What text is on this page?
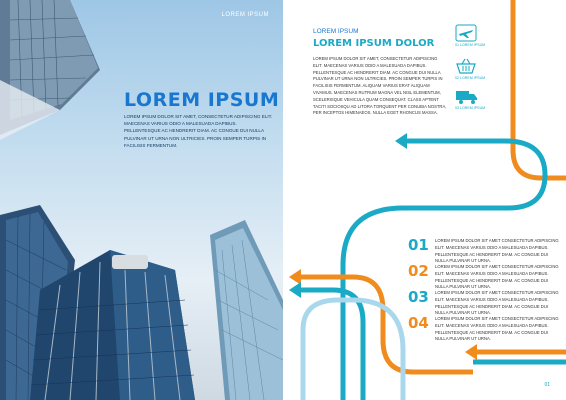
LOREM IPSUM
LOREM IPSUM
LOREM IPSUM DOLOR SIT AMET, CONSECTETUR ADIPISCING ELIT. MAECENAS VARIUS ODIO A MALESUADA DAPIBUS. PELLENTESQUE AC HENDRERIT DIAM. AC CONGUE DUI NULLA PULVINAR UT URNA NON ULTRICIES. PROIN SEMPER TURPIS IN FACILISIS FERMENTUM.
LOREM IPSUM
LOREM IPSUM DOLOR
LOREM IPSUM DOLOR SIT AMET, CONSECTETUR ADIPISCING ELIT. MAECENAS VARIUS ODIO A MALESUADA DAPIBUS. PELLENTESQUE AC HENDRERIT DIAM. AC CONGUE DUI NULLA PULVINAR UT URNA NON ULTRICIES. PROIN SEMPER TURPIS IN FACILISIS FERMENTUM. ALIQUAM VARIUS ERAT ALIQUAM VIVAMUS. MAECENAS RUTRUM MAGNA VEL NISL ELEMENTUM, SCELERISQUE VEHICULA QUAM CONSEQUAT. CLASS APTENT TACITI SOCIOSQU AD LITORA TORQUENT PER CONUBIA NOSTRA, PER INCEPTOS HIMENAEOS. NULLA EGET RHONCUS MASSA.
01 LOREM IPSUM
02 LOREM IPSUM
03 LOREM IPSUM
01 LOREM IPSUM DOLOR SIT AMET CONSECTETUR ADIPISCING ELIT. MAECENAS VARIUS ODIO A MALESUADA DAPIBUS. PELLENTESQUE AC HENDRERIT DIAM. AC CONGUE DUI NULLA PULVINAR UT URNA.
02 LOREM IPSUM DOLOR SIT AMET CONSECTETUR ADIPISCING ELIT. MAECENAS VARIUS ODIO A MALESUADA DAPIBUS. PELLENTESQUE AC HENDRERIT DIAM. AC CONGUE DUI NULLA PULVINAR UT URNA.
03 LOREM IPSUM DOLOR SIT AMET CONSECTETUR ADIPISCING ELIT. MAECENAS VARIUS ODIO A MALESUADA DAPIBUS. PELLENTESQUE AC HENDRERIT DIAM. AC CONGUE DUI NULLA PULVINAR UT URNA.
04 LOREM IPSUM DOLOR SIT AMET CONSECTETUR ADIPISCING ELIT. MAECENAS VARIUS ODIO A MALESUADA DAPIBUS. PELLENTESQUE AC HENDRERIT DIAM. AC CONGUE DUI NULLA PULVINAR UT URNA.
01
